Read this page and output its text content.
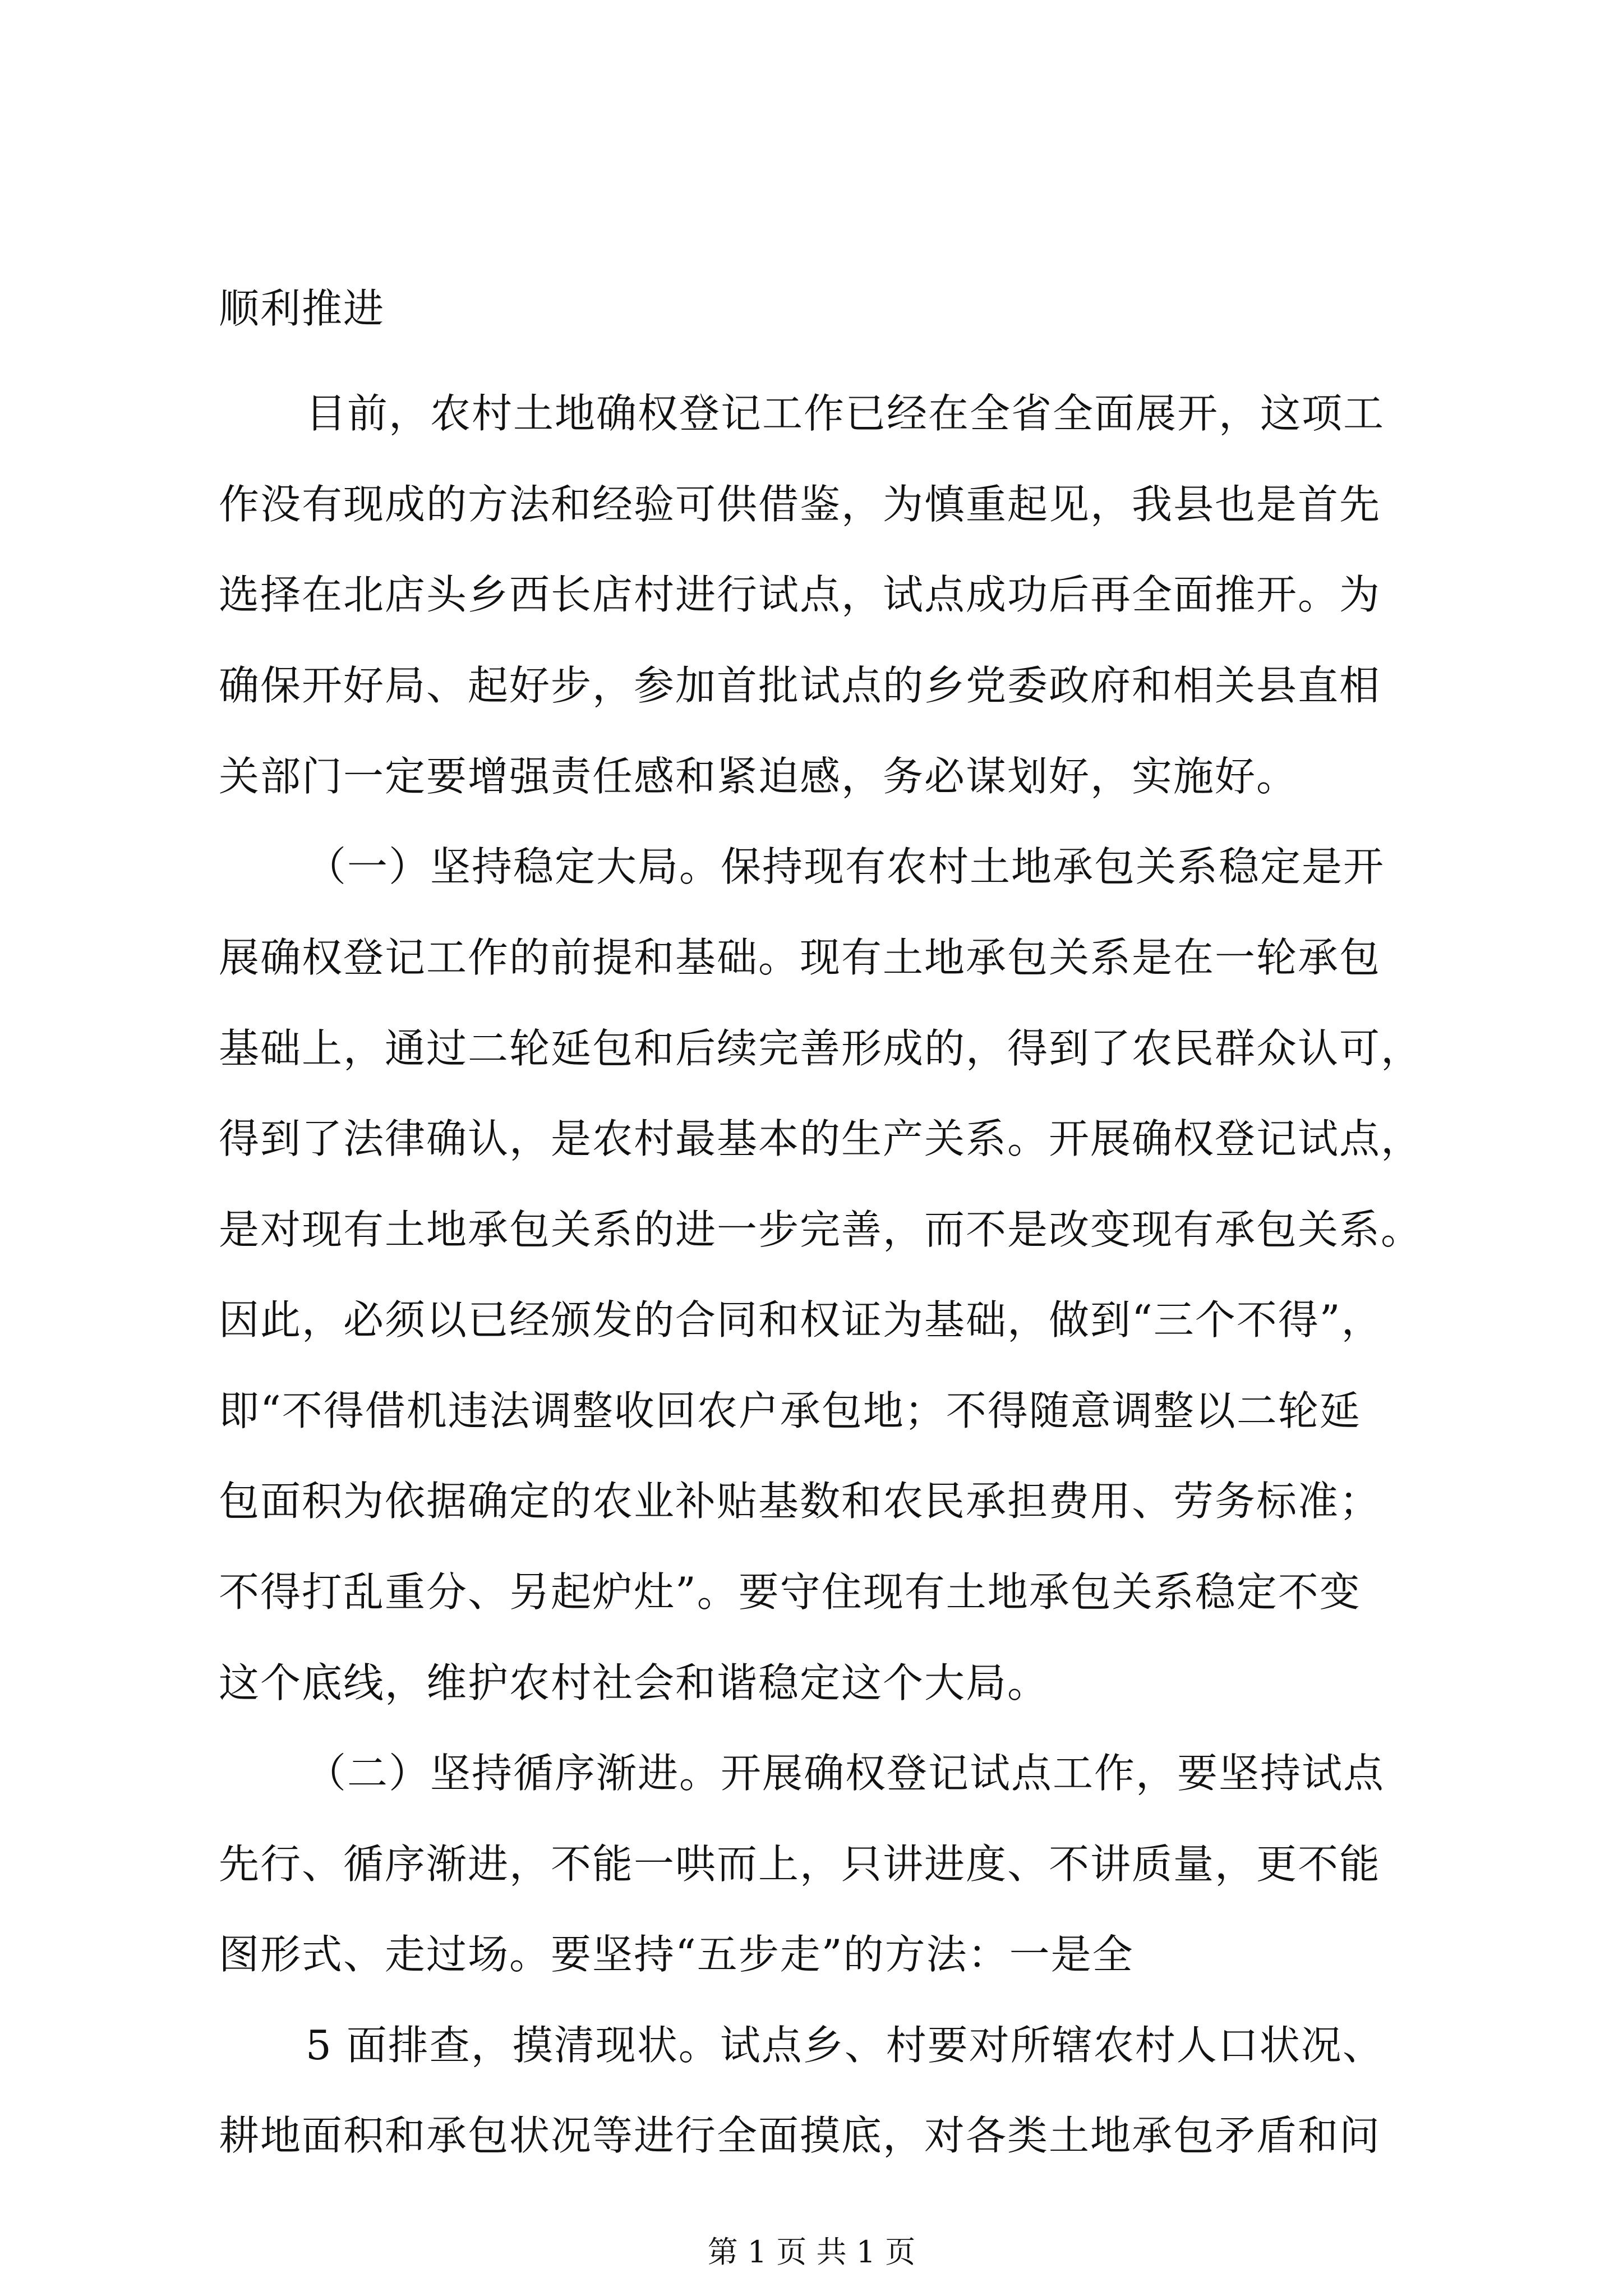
顺利推进
目前，农村土地确权登记工作已经在全省全面展开，这项工
作没有现成的方法和经验可供借鉴，为慎重起见，我县也是首先
选择在北店头乡西长店村进行试点，试点成功后再全面推开。为
确保开好局、起好步，参加首批试点的乡党委政府和相关县直相
关部门一定要增强责任感和紧迫感，务必谋划好，实施好。
（一）坚持稳定大局。保持现有农村土地承包关系稳定是开
展确权登记工作的前提和基础。现有土地承包关系是在一轮承包
基础上，通过二轮延包和后续完善形成的，得到了农民群众认可，
得到了法律确认，是农村最基本的生产关系。开展确权登记试点，
是对现有土地承包关系的进一步完善，而不是改变现有承包关系。
因此，必须以已经颁发的合同和权证为基础，做到“三个不得”，
即“不得借机违法调整收回农户承包地；不得随意调整以二轮延
包面积为依据确定的农业补贴基数和农民承担费用、劳务标准；
不得打乱重分、另起炉灶”。要守住现有土地承包关系稳定不变
这个底线，维护农村社会和谐稳定这个大局。
（二）坚持循序渐进。开展确权登记试点工作，要坚持试点
先行、循序渐进，不能一哄而上，只讲进度、不讲质量，更不能
图形式、走过场。要坚持“五步走”的方法：一是全
5 面排查，摸清现状。试点乡、村要对所辖农村人口状况、
耕地面积和承包状况等进行全面摸底，对各类土地承包矛盾和问
第 1 页 共 1 页
